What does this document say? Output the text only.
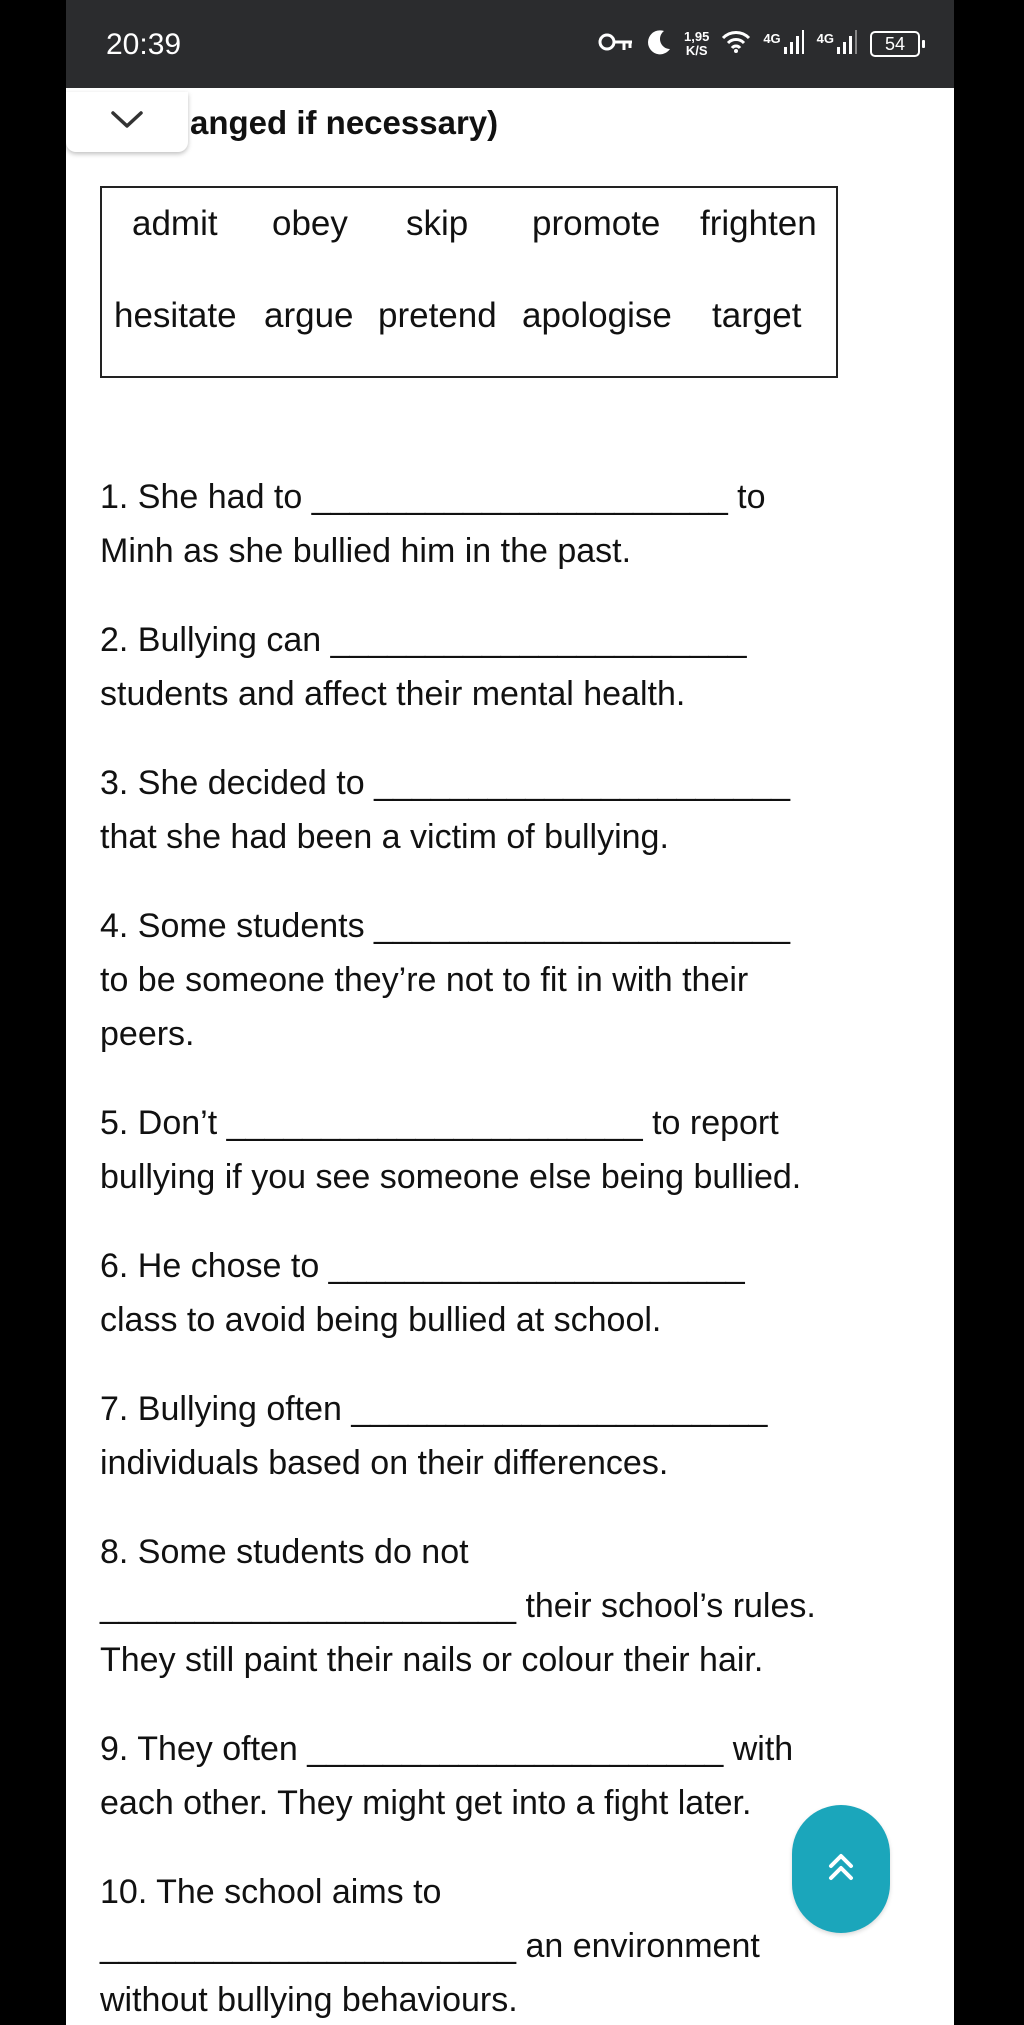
20:39	1,95
K/S
4G	4G	54
anged if necessary)
admit obey skip promote frighten
hesitate argue pretend apologise target

1. She had to ______________________ to
Minh as she bullied him in the past.

2. Bullying can ______________________
students and affect their mental health.

3. She decided to ______________________
that she had been a victim of bullying.

4. Some students ______________________
to be someone they’re not to fit in with their
peers.

5. Don’t ______________________ to report
bullying if you see someone else being bullied.

6. He chose to ______________________
class to avoid being bullied at school.

7. Bullying often ______________________
individuals based on their differences.

8. Some students do not
______________________ their school’s rules.
They still paint their nails or colour their hair.

9. They often ______________________ with
each other. They might get into a fight later.

10. The school aims to
______________________ an environment
without bullying behaviours.
